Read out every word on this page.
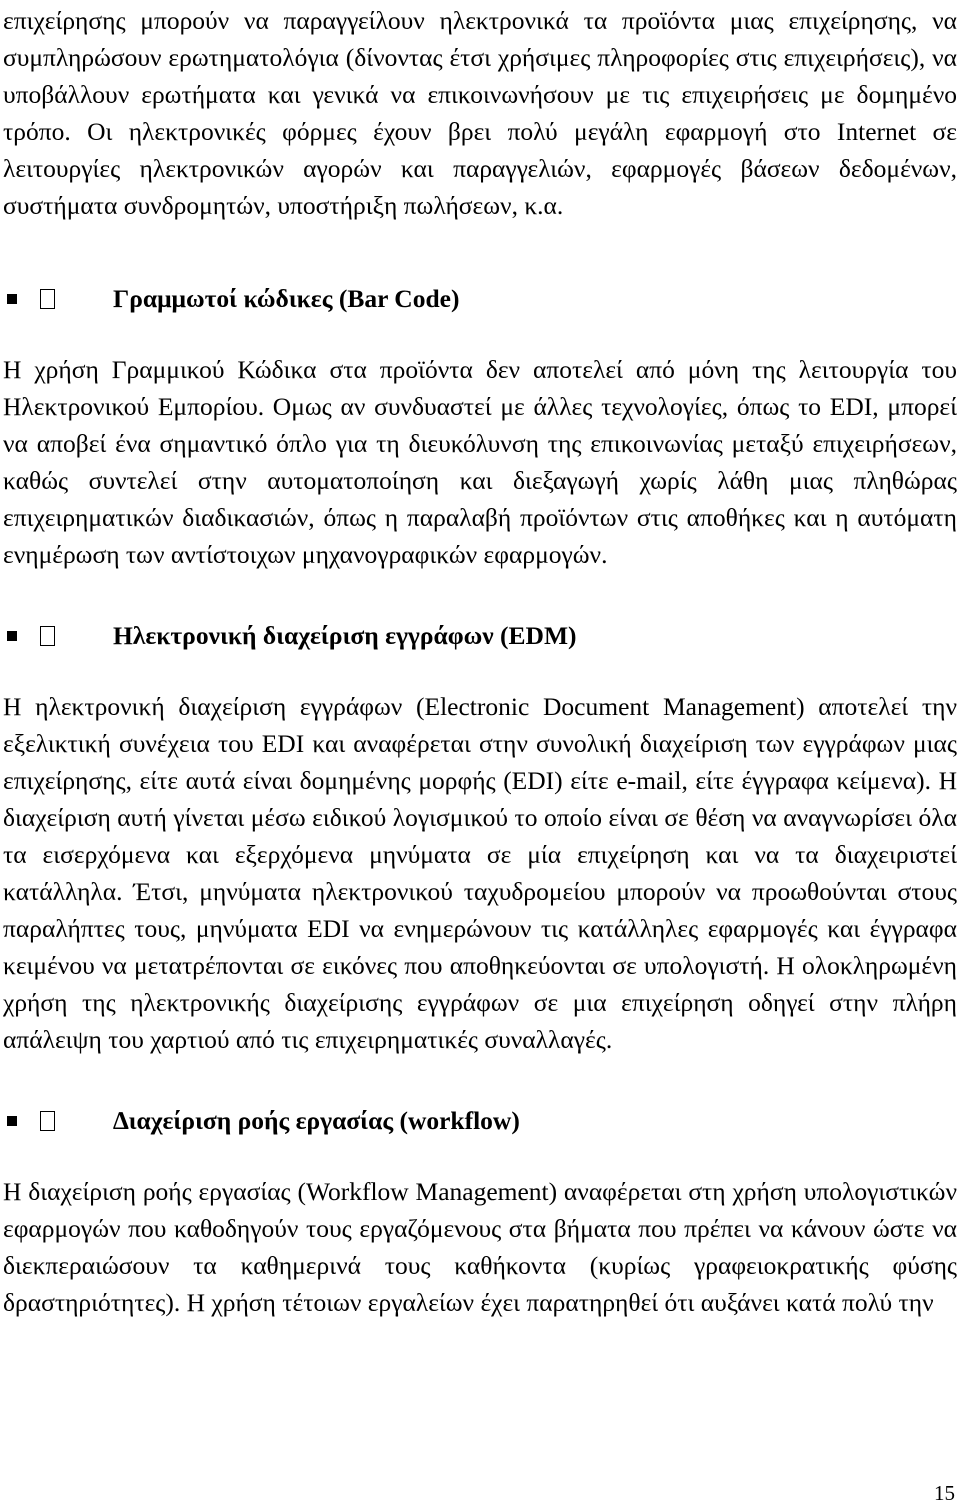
επιχείρησης μπορούν να παραγγείλουν ηλεκτρονικά τα προϊόντα μιας επιχείρησης, να συμπληρώσουν ερωτηματολόγια (δίνοντας έτσι χρήσιμες πληροφορίες στις επιχειρήσεις), να υποβάλλουν ερωτήματα και γενικά να επικοινωνήσουν με τις επιχειρήσεις με δομημένο τρόπο. Οι ηλεκτρονικές φόρμες έχουν βρει πολύ μεγάλη εφαρμογή στο Internet σε λειτουργίες ηλεκτρονικών αγορών και παραγγελιών, εφαρμογές βάσεων δεδομένων, συστήματα συνδρομητών, υποστήριξη πωλήσεων, κ.α.

Γραμμωτοί κώδικες (Bar Code)

Η χρήση Γραμμικού Κώδικα στα προϊόντα δεν αποτελεί από μόνη της λειτουργία του Ηλεκτρονικού Εμπορίου. Ομως αν συνδυαστεί με άλλες τεχνολογίες, όπως το EDI, μπορεί να αποβεί ένα σημαντικό όπλο για τη διευκόλυνση της επικοινωνίας μεταξύ επιχειρήσεων, καθώς συντελεί στην αυτοματοποίηση και διεξαγωγή χωρίς λάθη μιας πληθώρας επιχειρηματικών διαδικασιών, όπως η παραλαβή προϊόντων στις αποθήκες και η αυτόματη ενημέρωση των αντίστοιχων μηχανογραφικών εφαρμογών.

Ηλεκτρονική διαχείριση εγγράφων (EDM)

Η ηλεκτρονική διαχείριση εγγράφων (Electronic Document Management) αποτελεί την εξελικτική συνέχεια του EDI και αναφέρεται στην συνολική διαχείριση των εγγράφων μιας επιχείρησης, είτε αυτά είναι δομημένης μορφής (EDI) είτε e-mail, είτε έγγραφα κείμενα). Η διαχείριση αυτή γίνεται μέσω ειδικού λογισμικού το οποίο είναι σε θέση να αναγνωρίσει όλα τα εισερχόμενα και εξερχόμενα μηνύματα σε μία επιχείρηση και να τα διαχειριστεί κατάλληλα. Έτσι, μηνύματα ηλεκτρονικού ταχυδρομείου μπορούν να προωθούνται στους παραλήπτες τους, μηνύματα EDI να ενημερώνουν τις κατάλληλες εφαρμογές και έγγραφα κειμένου να μετατρέπονται σε εικόνες που αποθηκεύονται σε υπολογιστή. Η ολοκληρωμένη χρήση της ηλεκτρονικής διαχείρισης εγγράφων σε μια επιχείρηση οδηγεί στην πλήρη απάλειψη του χαρτιού από τις επιχειρηματικές συναλλαγές.

∆ιαχείριση ροής εργασίας (workflow)

Η διαχείριση ροής εργασίας (Workflow Management) αναφέρεται στη χρήση υπολογιστικών εφαρμογών που καθοδηγούν τους εργαζόμενους στα βήματα που πρέπει να κάνουν ώστε να διεκπεραιώσουν τα καθημερινά τους καθήκοντα (κυρίως γραφειοκρατικής φύσης δραστηριότητες). Η χρήση τέτοιων εργαλείων έχει παρατηρηθεί ότι αυξάνει κατά πολύ την

15
